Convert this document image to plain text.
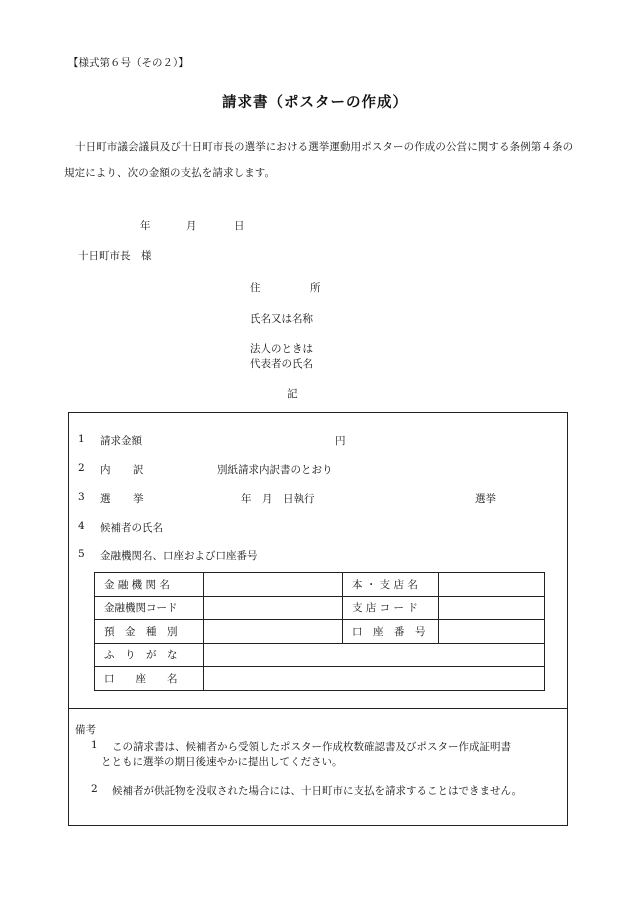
【様式第６号（その２）】
請求書（ポスターの作成）
十日町市議会議員及び十日町市長の選挙における選挙運動用ポスターの作成の公営に関する条例第４条の規定により、次の金額の支払を請求します。
年	月	日
十日町市長　様
住	所
氏名又は名称
法人のときは
代表者の氏名
記
1 請求金額	円
2 内 訳	別紙請求内訳書のとおり
3 選 挙	年　月　日執行	選挙
4 候補者の氏名
5 金融機関名、口座および口座番号
金 融 機 関 名		本 ・ 支 店 名	
金融機関コード		支 店 コ ー ド	
預　金　種　別		口　座　番　号	
ふ　り　が　な			
口　　座　　名			
備考
1 この請求書は、候補者から受領したポスター作成枚数確認書及びポスター作成証明書
とともに選挙の期日後速やかに提出してください。
2 候補者が供託物を没収された場合には、十日町市に支払を請求することはできません。
